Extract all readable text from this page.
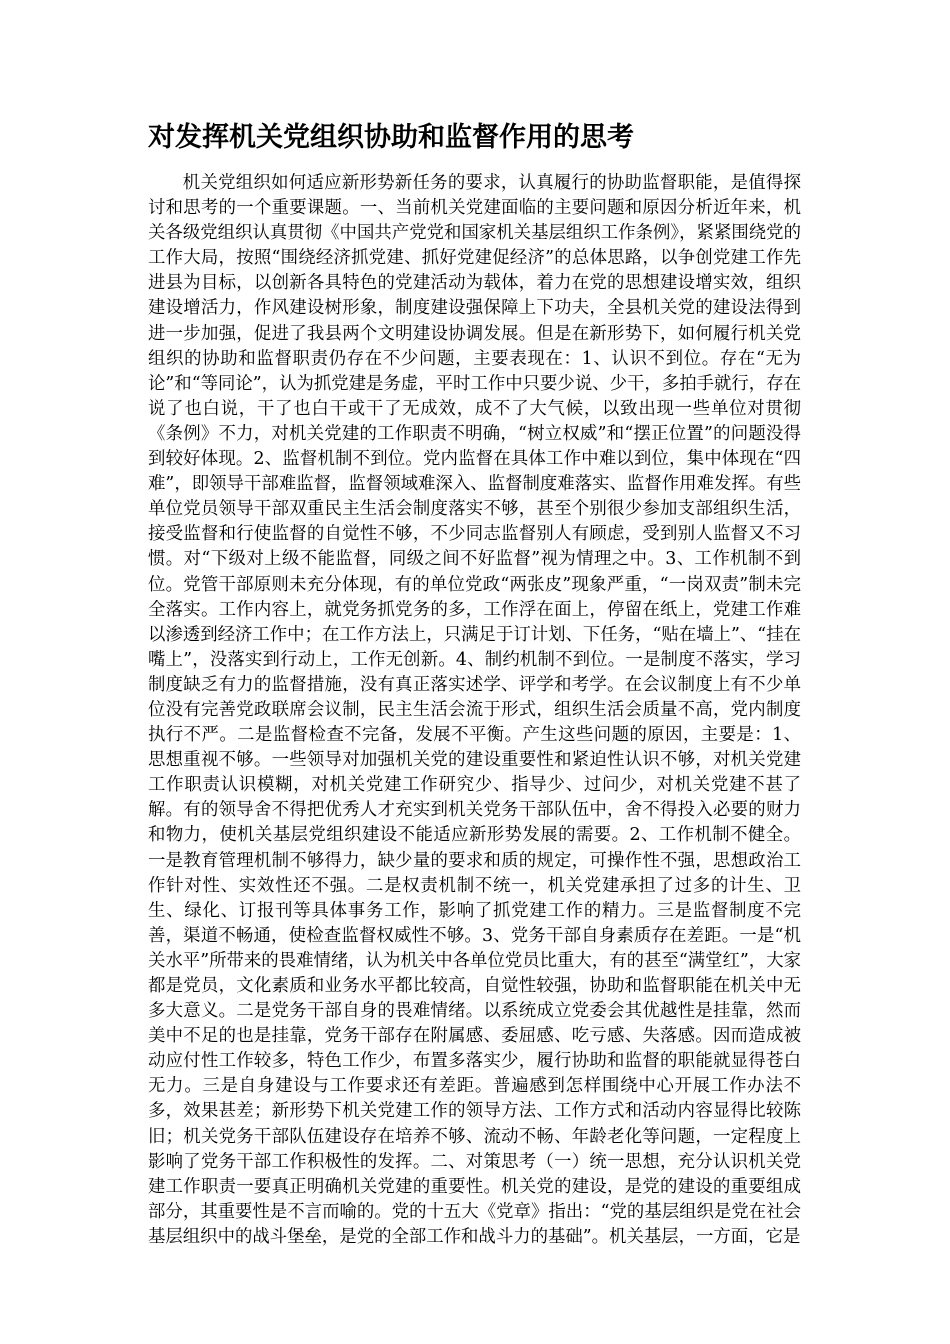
对发挥机关党组织协助和监督作用的思考

机关党组织如何适应新形势新任务的要求，认真履行的协助监督职能，是值得探讨和思考的一个重要课题。一、当前机关党建面临的主要问题和原因分析近年来，机关各级党组织认真贯彻《中国共产党党和国家机关基层组织工作条例》，紧紧围绕党的工作大局，按照“围绕经济抓党建、抓好党建促经济”的总体思路，以争创党建工作先进县为目标，以创新各具特色的党建活动为载体，着力在党的思想建设增实效，组织建设增活力，作风建设树形象，制度建设强保障上下功夫，全县机关党的建设法得到进一步加强，促进了我县两个文明建设协调发展。但是在新形势下，如何履行机关党组织的协助和监督职责仍存在不少问题，主要表现在：1、认识不到位。存在“无为论”和“等同论”，认为抓党建是务虚，平时工作中只要少说、少干，多拍手就行，存在说了也白说，干了也白干或干了无成效，成不了大气候，以致出现一些单位对贯彻《条例》不力，对机关党建的工作职责不明确，“树立权威”和“摆正位置”的问题没得到较好体现。2、监督机制不到位。党内监督在具体工作中难以到位，集中体现在“四难”，即领导干部难监督，监督领域难深入、监督制度难落实、监督作用难发挥。有些单位党员领导干部双重民主生活会制度落实不够，甚至个别很少参加支部组织生活，接受监督和行使监督的自觉性不够，不少同志监督别人有顾虑，受到别人监督又不习惯。对“下级对上级不能监督，同级之间不好监督”视为情理之中。3、工作机制不到位。党管干部原则未充分体现，有的单位党政“两张皮”现象严重，“一岗双责”制未完全落实。工作内容上，就党务抓党务的多，工作浮在面上，停留在纸上，党建工作难以渗透到经济工作中；在工作方法上，只满足于订计划、下任务，“贴在墙上”、“挂在嘴上”，没落实到行动上，工作无创新。4、制约机制不到位。一是制度不落实，学习制度缺乏有力的监督措施，没有真正落实述学、评学和考学。在会议制度上有不少单位没有完善党政联席会议制，民主生活会流于形式，组织生活会质量不高，党内制度执行不严。二是监督检查不完备，发展不平衡。产生这些问题的原因，主要是：1、思想重视不够。一些领导对加强机关党的建设重要性和紧迫性认识不够，对机关党建工作职责认识模糊，对机关党建工作研究少、指导少、过问少，对机关党建不甚了解。有的领导舍不得把优秀人才充实到机关党务干部队伍中，舍不得投入必要的财力和物力，使机关基层党组织建设不能适应新形势发展的需要。2、工作机制不健全。一是教育管理机制不够得力，缺少量的要求和质的规定，可操作性不强，思想政治工作针对性、实效性还不强。二是权责机制不统一，机关党建承担了过多的计生、卫生、绿化、订报刊等具体事务工作，影响了抓党建工作的精力。三是监督制度不完善，渠道不畅通，使检查监督权威性不够。3、党务干部自身素质存在差距。一是“机关水平”所带来的畏难情绪，认为机关中各单位党员比重大，有的甚至“满堂红”，大家都是党员，文化素质和业务水平都比较高，自觉性较强，协助和监督职能在机关中无多大意义。二是党务干部自身的畏难情绪。以系统成立党委会其优越性是挂靠，然而美中不足的也是挂靠，党务干部存在附属感、委屈感、吃亏感、失落感。因而造成被动应付性工作较多，特色工作少，布置多落实少，履行协助和监督的职能就显得苍白无力。三是自身建设与工作要求还有差距。普遍感到怎样围绕中心开展工作办法不多，效果甚差；新形势下机关党建工作的领导方法、工作方式和活动内容显得比较陈旧；机关党务干部队伍建设存在培养不够、流动不畅、年龄老化等问题，一定程度上影响了党务干部工作积极性的发挥。二、对策思考（一）统一思想，充分认识机关党建工作职责一要真正明确机关党建的重要性。机关党的建设，是党的建设的重要组成部分，其重要性是不言而喻的。党的十五大《党章》指出：“党的基层组织是党在社会基层组织中的战斗堡垒，是党的全部工作和战斗力的基础”。机关基层，一方面，它是
